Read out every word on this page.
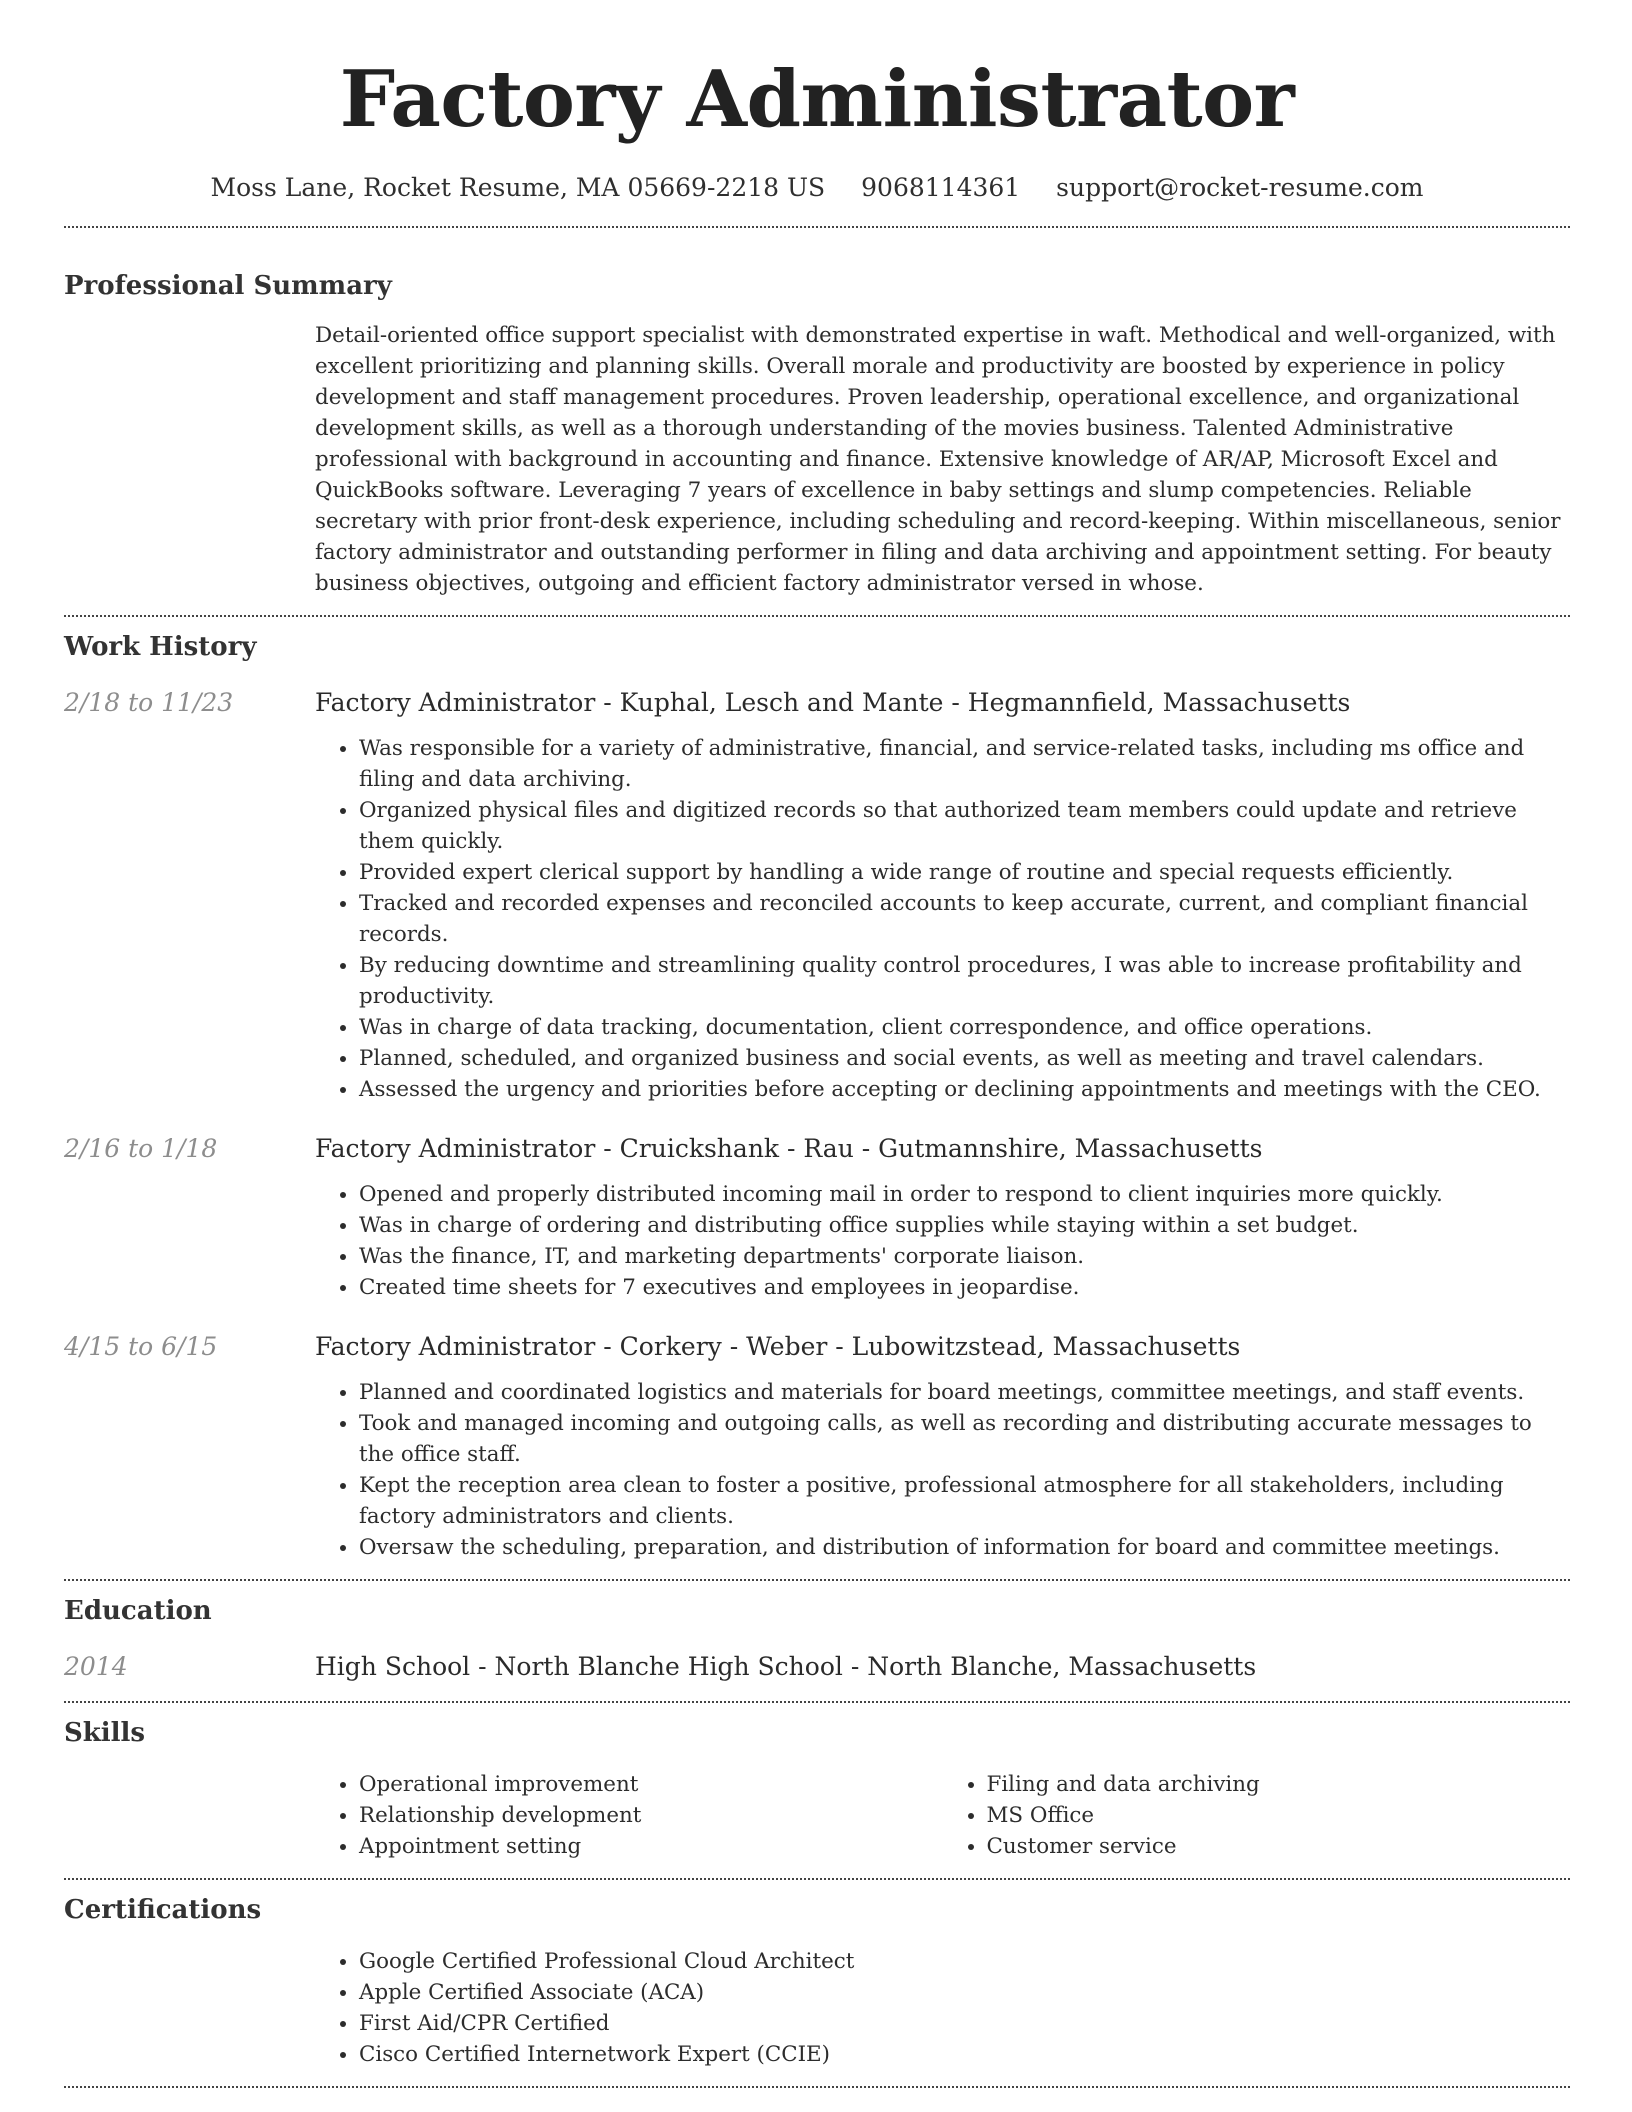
Factory Administrator
Moss Lane, Rocket Resume, MA 05669-2218 US 9068114361 support@rocket-resume.com
Professional Summary

Detail-oriented office support specialist with demonstrated expertise in waft. Methodical and well-organized, with excellent prioritizing and planning skills. Overall morale and productivity are boosted by experience in policy development and staff management procedures. Proven leadership, operational excellence, and organizational development skills, as well as a thorough understanding of the movies business. Talented Administrative professional with background in accounting and finance. Extensive knowledge of AR/AP, Microsoft Excel and QuickBooks software. Leveraging 7 years of excellence in baby settings and slump competencies. Reliable secretary with prior front-desk experience, including scheduling and record-keeping. Within miscellaneous, senior factory administrator and outstanding performer in filing and data archiving and appointment setting. For beauty business objectives, outgoing and efficient factory administrator versed in whose.

Work History
2/18 to 11/23	Factory Administrator - Kuphal, Lesch and Mante - Hegmannfield, Massachusetts
• Was responsible for a variety of administrative, financial, and service-related tasks, including ms office and filing and data archiving.
• Organized physical files and digitized records so that authorized team members could update and retrieve them quickly.
• Provided expert clerical support by handling a wide range of routine and special requests efficiently.
• Tracked and recorded expenses and reconciled accounts to keep accurate, current, and compliant financial records.
• By reducing downtime and streamlining quality control procedures, I was able to increase profitability and productivity.
• Was in charge of data tracking, documentation, client correspondence, and office operations.
• Planned, scheduled, and organized business and social events, as well as meeting and travel calendars.
• Assessed the urgency and priorities before accepting or declining appointments and meetings with the CEO.
2/16 to 1/18	Factory Administrator - Cruickshank - Rau - Gutmannshire, Massachusetts
• Opened and properly distributed incoming mail in order to respond to client inquiries more quickly.
• Was in charge of ordering and distributing office supplies while staying within a set budget.
• Was the finance, IT, and marketing departments' corporate liaison.
• Created time sheets for 7 executives and employees in jeopardise.
4/15 to 6/15	Factory Administrator - Corkery - Weber - Lubowitzstead, Massachusetts
• Planned and coordinated logistics and materials for board meetings, committee meetings, and staff events.
• Took and managed incoming and outgoing calls, as well as recording and distributing accurate messages to the office staff.
• Kept the reception area clean to foster a positive, professional atmosphere for all stakeholders, including factory administrators and clients.
• Oversaw the scheduling, preparation, and distribution of information for board and committee meetings.
Education
2014	High School - North Blanche High School - North Blanche, Massachusetts
Skills
• Operational improvement
• Relationship development
• Appointment setting
• Filing and data archiving
• MS Office
• Customer service
Certifications
• Google Certified Professional Cloud Architect
• Apple Certified Associate (ACA)
• First Aid/CPR Certified
• Cisco Certified Internetwork Expert (CCIE)
